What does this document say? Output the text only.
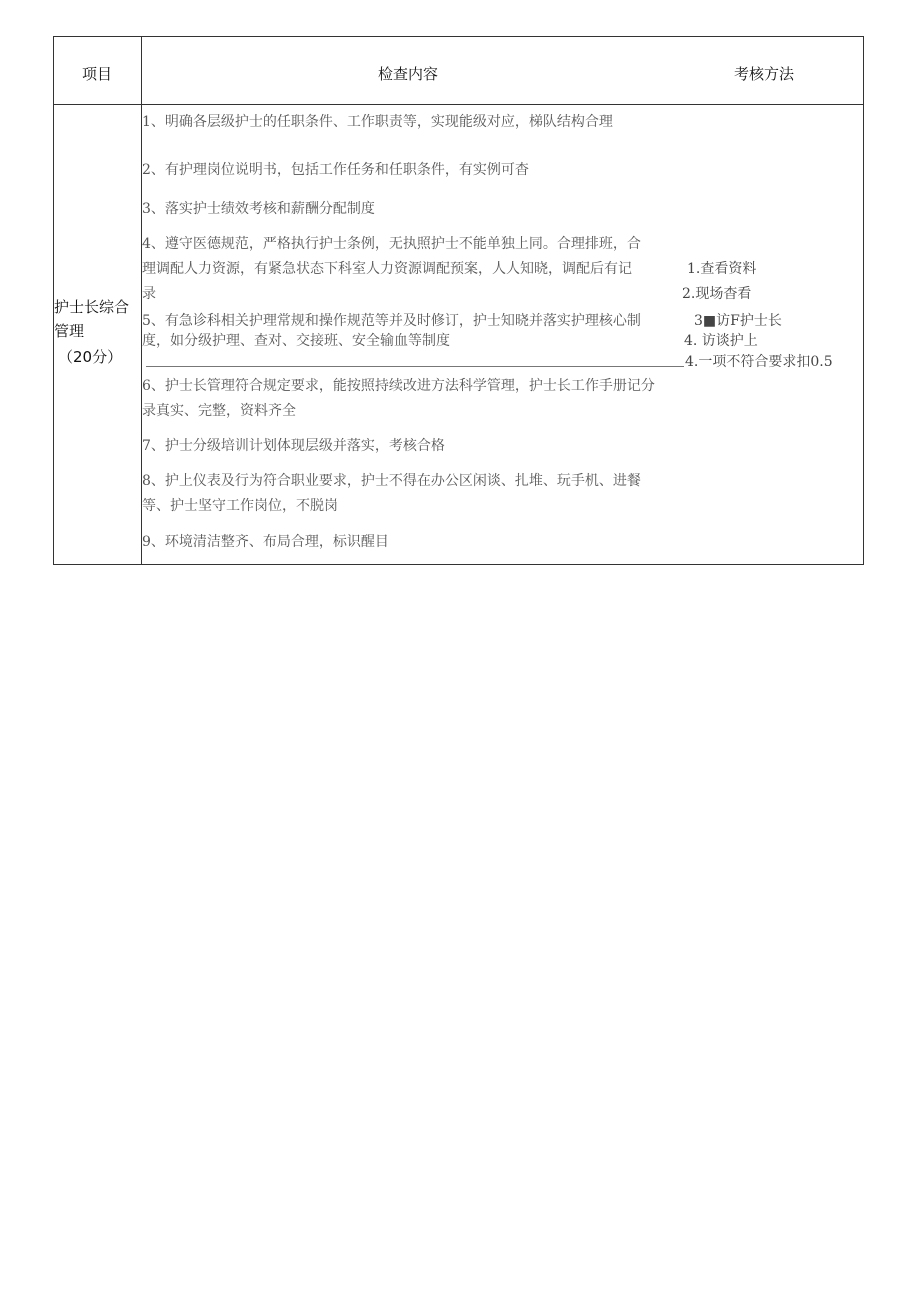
项目	检查内容	考核方法
护士长综合管理
（20分）
1、明确各层级护士的任职条件、工作职责等，实现能级对应，梯队结构合理
2、有护理岗位说明书，包括工作任务和任职条件，有实例可杳
3、落实护士绩效考核和薪酬分配制度
4、遵守医德规范，严格执行护士条例，无执照护士不能单独上同。合理排班，合
理调配人力资源，有紧急状态下科室人力资源调配预案，人人知晓，调配后有记
录
5、有急诊科相关护理常规和操作规范等并及时修订，护士知晓并落实护理核心制
度，如分级护理、查对、交接班、安全输血等制度
6、护士长管理符合规定要求，能按照持续改进方法科学管理，护士长工作手册记分
录真实、完整，资料齐全
7、护士分级培训计划体现层级并落实，考核合格
8、护上仪表及行为符合职业要求，护士不得在办公区闲谈、扎堆、玩手机、进餐
等、护士坚守工作岗位，不脱岗
9、环境清洁整齐、布局合理，标识醒目
1.查看资料
2.现场杳看
3■访F护士长
4. 访谈护上
4.一项不符合要求扣0.5
